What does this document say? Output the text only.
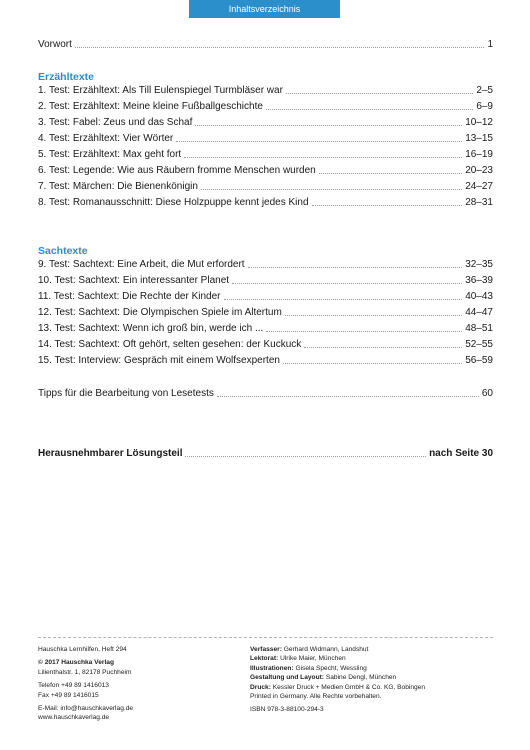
Inhaltsverzeichnis
Vorwort	1
Erzähltexte
1. Test: Erzähltext: Als Till Eulenspiegel Turmbläser war	2–5
2. Test: Erzähltext: Meine kleine Fußballgeschichte	6–9
3. Test: Fabel: Zeus und das Schaf	10–12
4. Test: Erzähltext: Vier Wörter	13–15
5. Test: Erzähltext: Max geht fort	16–19
6. Test: Legende: Wie aus Räubern fromme Menschen wurden	20–23
7. Test: Märchen: Die Bienenkönigin	24–27
8. Test: Romanausschnitt: Diese Holzpuppe kennt jedes Kind	28–31
Sachtexte
9. Test: Sachtext: Eine Arbeit, die Mut erfordert	32–35
10. Test: Sachtext: Ein interessanter Planet	36–39
11. Test: Sachtext: Die Rechte der Kinder	40–43
12. Test: Sachtext: Die Olympischen Spiele im Altertum	44–47
13. Test: Sachtext: Wenn ich groß bin, werde ich ...	48–51
14. Test: Sachtext: Oft gehört, selten gesehen: der Kuckuck	52–55
15. Test: Interview: Gespräch mit einem Wolfsexperten	56–59
Tipps für die Bearbeitung von Lesetests	60
Herausnehmbarer Lösungsteil	nach Seite 30
Hauschka Lernhilfen, Heft 294
© 2017 Hauschka Verlag
Lilienthalstr. 1, 82178 Puchheim
Telefon +49 89 1416013
Fax +49 89 1416015
E-Mail: info@hauschkaverlag.de
www.hauschkaverlag.de
Verfasser: Gerhard Widmann, Landshut
Lektorat: Ulrike Maier, München
Illustrationen: Gisela Specht, Wessling
Gestaltung und Layout: Sabine Dengl, München
Druck: Kessler Druck + Medien GmbH & Co. KG, Bobingen
Printed in Germany. Alle Rechte vorbehalten.
ISBN 978-3-88100-294-3
